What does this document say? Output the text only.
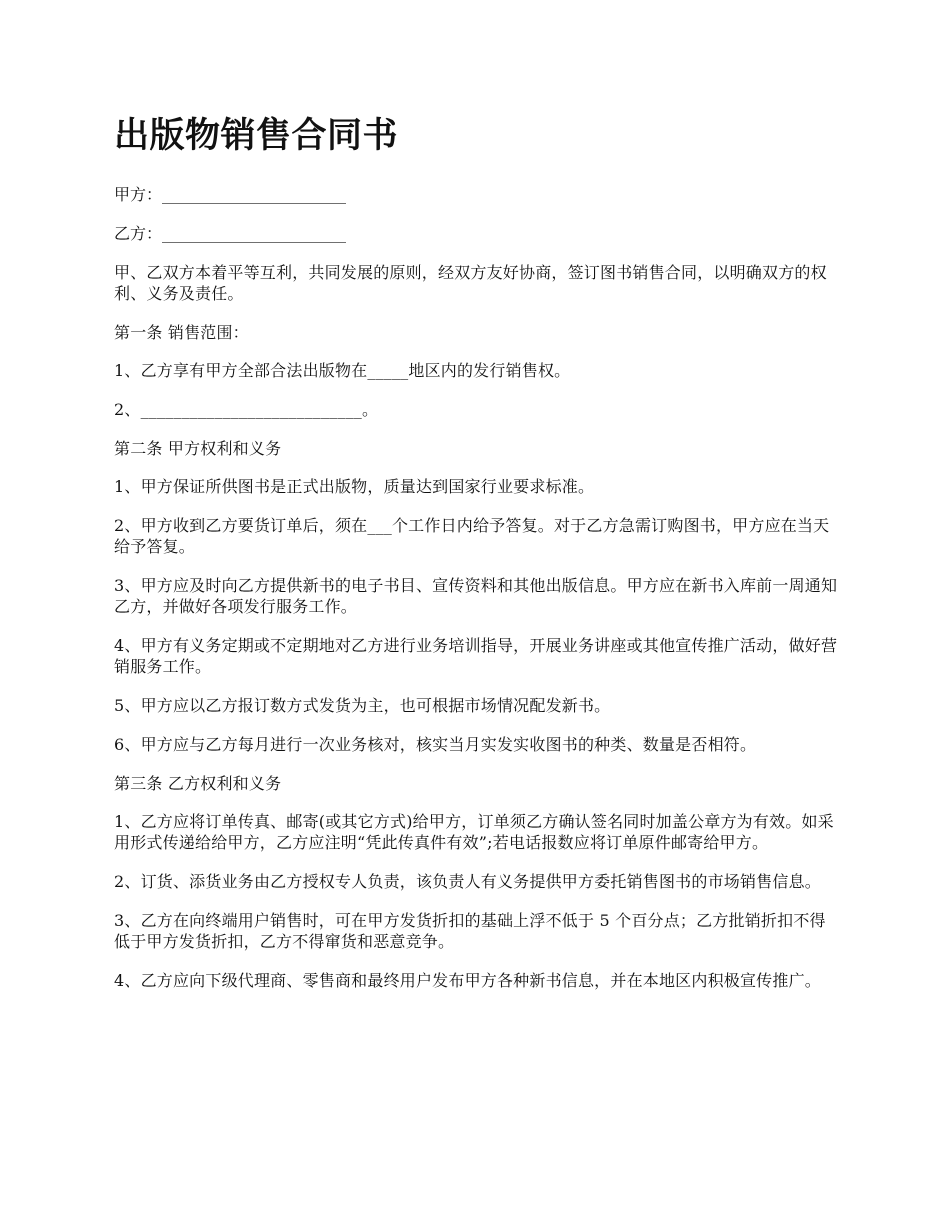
出版物销售合同书
甲方：_______________________
乙方：_______________________

甲、乙双方本着平等互利，共同发展的原则，经双方友好协商，签订图书销售合同，以明确双方的权利、义务及责任。

第一条 销售范围：

1、乙方享有甲方全部合法出版物在_____地区内的发行销售权。

2、___________________________。

第二条 甲方权利和义务

1、甲方保证所供图书是正式出版物，质量达到国家行业要求标准。

2、甲方收到乙方要货订单后，须在___个工作日内给予答复。对于乙方急需订购图书，甲方应在当天给予答复。

3、甲方应及时向乙方提供新书的电子书目、宣传资料和其他出版信息。甲方应在新书入库前一周通知乙方，并做好各项发行服务工作。

4、甲方有义务定期或不定期地对乙方进行业务培训指导，开展业务讲座或其他宣传推广活动，做好营销服务工作。

5、甲方应以乙方报订数方式发货为主，也可根据市场情况配发新书。

6、甲方应与乙方每月进行一次业务核对，核实当月实发实收图书的种类、数量是否相符。

第三条 乙方权利和义务

1、乙方应将订单传真、邮寄(或其它方式)给甲方，订单须乙方确认签名同时加盖公章方为有效。如采用形式传递给给甲方，乙方应注明“凭此传真件有效”;若电话报数应将订单原件邮寄给甲方。

2、订货、添货业务由乙方授权专人负责，该负责人有义务提供甲方委托销售图书的市场销售信息。

3、乙方在向终端用户销售时，可在甲方发货折扣的基础上浮不低于 5 个百分点；乙方批销折扣不得低于甲方发货折扣，乙方不得窜货和恶意竞争。

4、乙方应向下级代理商、零售商和最终用户发布甲方各种新书信息，并在本地区内积极宣传推广。
